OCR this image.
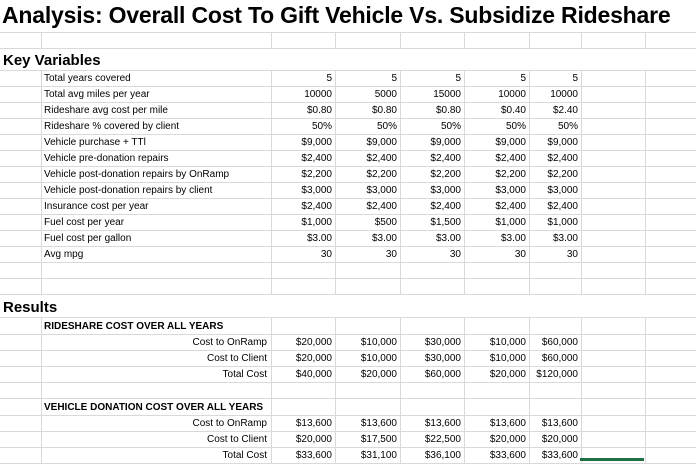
Analysis: Overall Cost To Gift Vehicle Vs. Subsidize Rideshare
Key Variables
Total years covered	5	5	5	5	5
Total avg miles per year	10000	5000	15000	10000	10000
Rideshare avg cost per mile	$0.80	$0.80	$0.80	$0.40	$2.40
Rideshare % covered by client	50%	50%	50%	50%	50%
Vehicle purchase + TTl	$9,000	$9,000	$9,000	$9,000	$9,000
Vehicle pre-donation repairs	$2,400	$2,400	$2,400	$2,400	$2,400
Vehicle post-donation repairs by OnRamp	$2,200	$2,200	$2,200	$2,200	$2,200
Vehicle post-donation repairs by client	$3,000	$3,000	$3,000	$3,000	$3,000
Insurance cost per year	$2,400	$2,400	$2,400	$2,400	$2,400
Fuel cost per year	$1,000	$500	$1,500	$1,000	$1,000
Fuel cost per gallon	$3.00	$3.00	$3.00	$3.00	$3.00
Avg mpg	30	30	30	30	30
Results
RIDESHARE COST OVER ALL YEARS
Cost to OnRamp	$20,000	$10,000	$30,000	$10,000	$60,000
Cost to Client	$20,000	$10,000	$30,000	$10,000	$60,000
Total Cost	$40,000	$20,000	$60,000	$20,000	$120,000
VEHICLE DONATION COST OVER ALL YEARS
Cost to OnRamp	$13,600	$13,600	$13,600	$13,600	$13,600
Cost to Client	$20,000	$17,500	$22,500	$20,000	$20,000
Total Cost	$33,600	$31,100	$36,100	$33,600	$33,600
